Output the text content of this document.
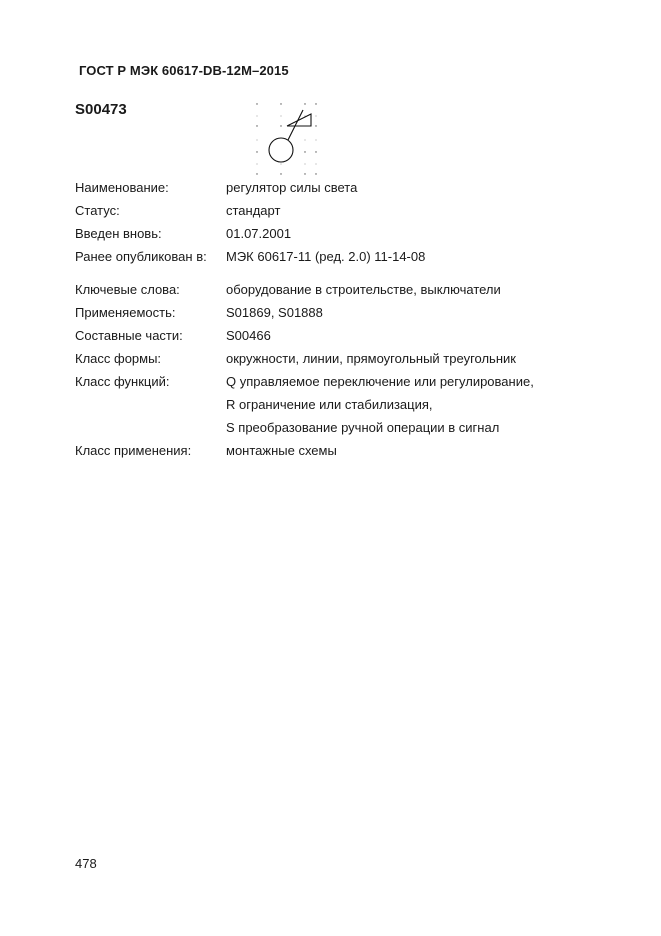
ГОСТ Р МЭК 60617-DB-12М–2015
S00473
Наименование:	регулятор силы света
Статус:	стандарт
Введен вновь:	01.07.2001
Ранее опубликован в: МЭК 60617-11 (ред. 2.0) 11-14-08
Ключевые слова:	оборудование в строительстве, выключатели
Применяемость:	S01869, S01888
Составные части:	S00466
Класс формы:	окружности, линии, прямоугольный треугольник
Класс функций:	Q управляемое переключение или регулирование,
R ограничение или стабилизация,
S преобразование ручной операции в сигнал
Класс применения:	монтажные схемы
478
